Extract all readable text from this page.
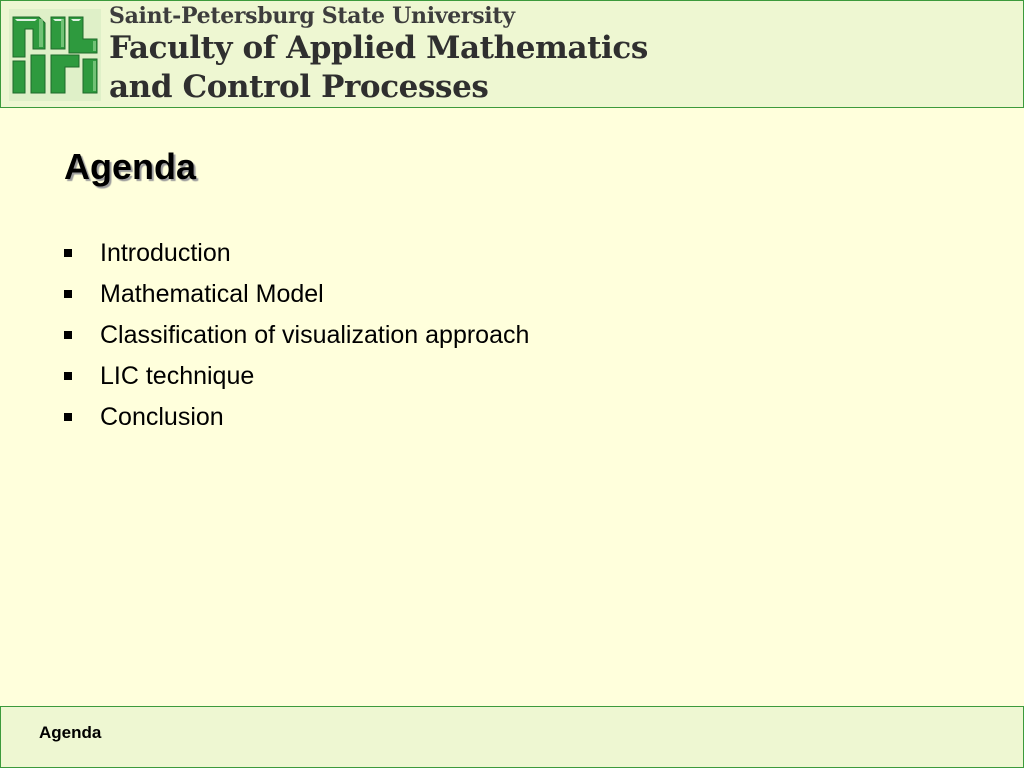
Saint-Petersburg State University
Faculty of Applied Mathematics
and Control Processes
Agenda
Introduction
Mathematical Model
Classification of visualization approach
LIC technique
Conclusion
Agenda
